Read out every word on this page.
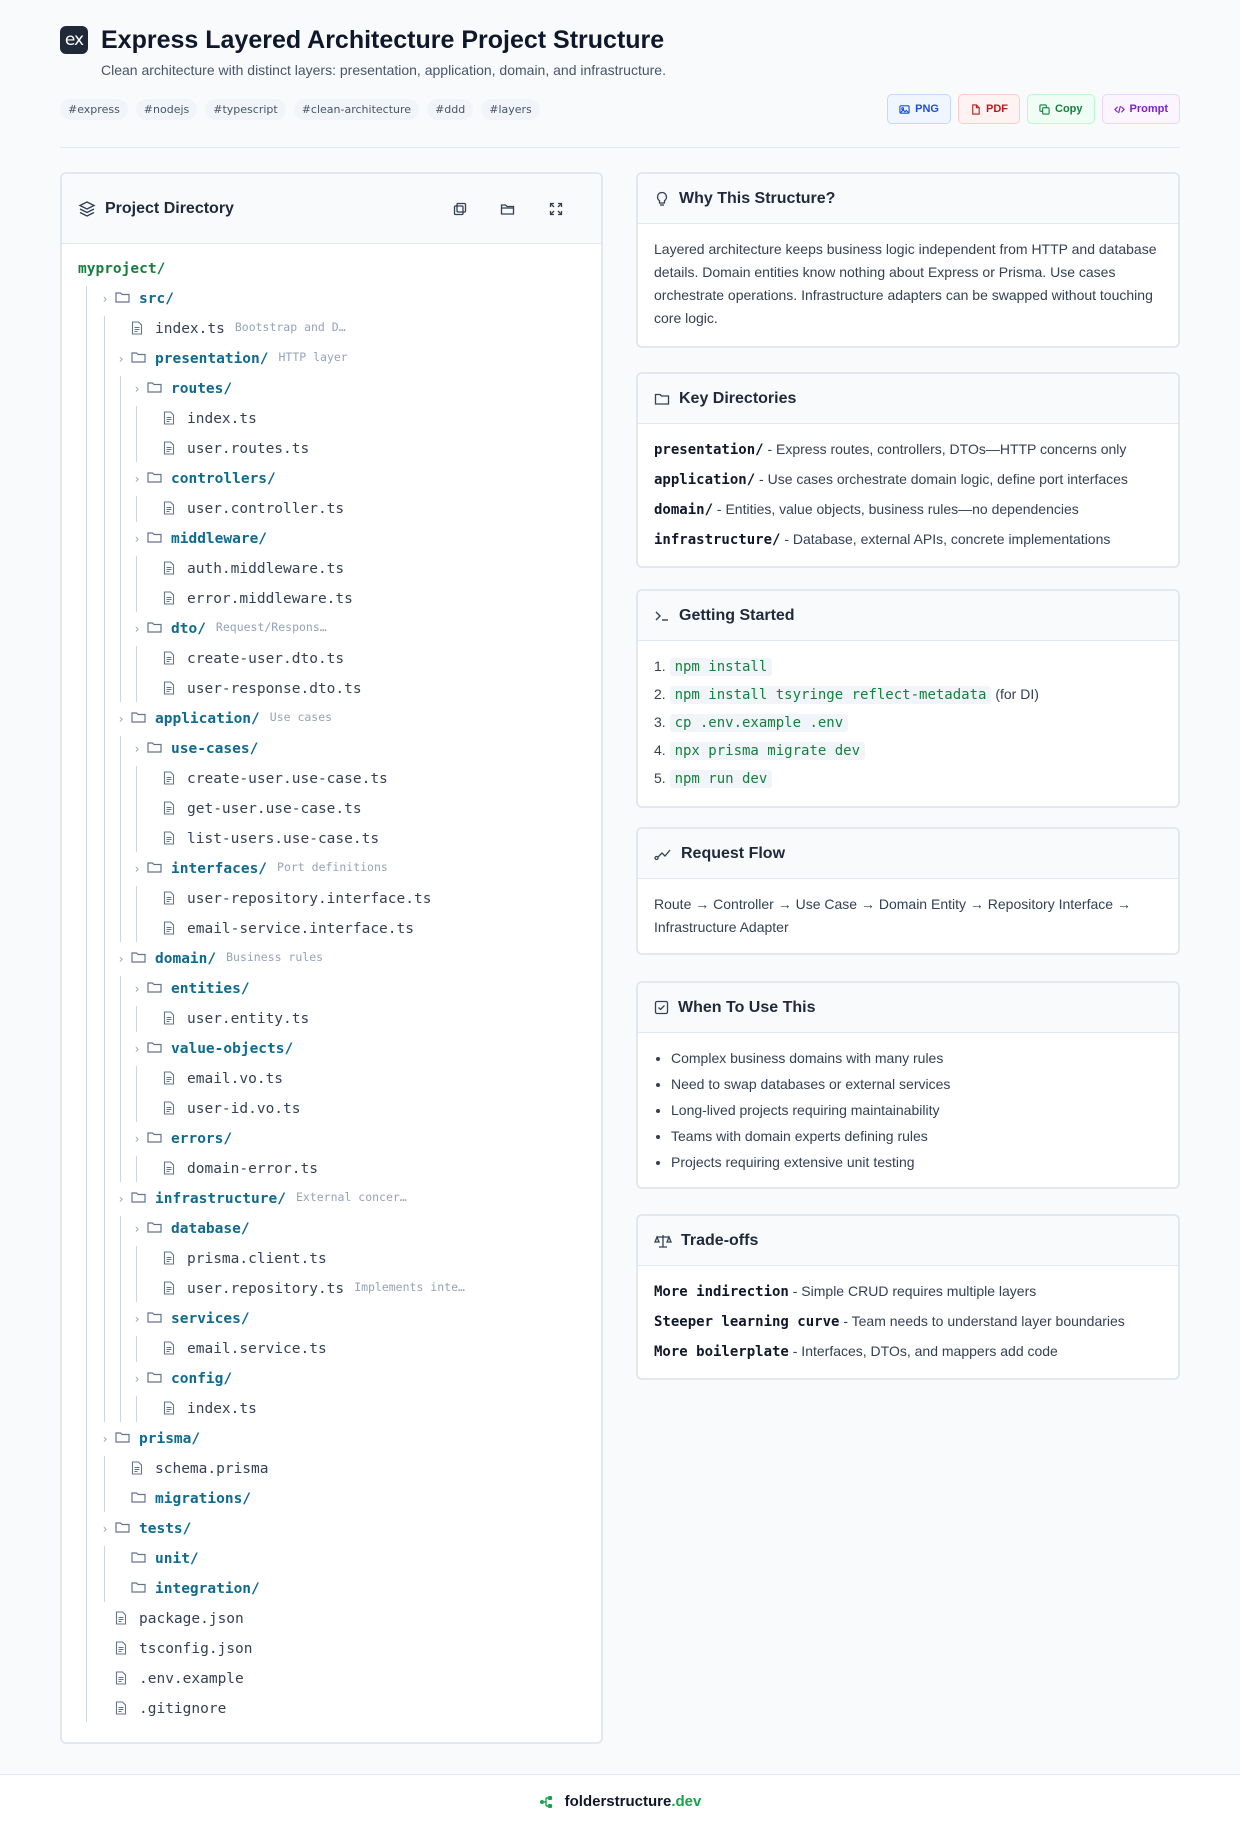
ex Express Layered Architecture Project Structure
Clean architecture with distinct layers: presentation, application, domain, and infrastructure.
#express	#nodejs	#typescript	#clean-architecture	#ddd	#layers	PNG	PDF	Copy	Prompt
Project Directory
myproject/
› src/
index.ts Bootstrap and D…
› presentation/ HTTP layer
› routes/
index.ts
user.routes.ts
› controllers/
user.controller.ts
› middleware/
auth.middleware.ts
error.middleware.ts
› dto/ Request/Respons…
create-user.dto.ts
user-response.dto.ts
› application/ Use cases
› use-cases/
create-user.use-case.ts
get-user.use-case.ts
list-users.use-case.ts
› interfaces/ Port definitions
user-repository.interface.ts
email-service.interface.ts
› domain/ Business rules
› entities/
user.entity.ts
› value-objects/
email.vo.ts
user-id.vo.ts
› errors/
domain-error.ts
› infrastructure/ External concer…
› database/
prisma.client.ts
user.repository.ts Implements inte…
› services/
email.service.ts
› config/
index.ts
› prisma/
schema.prisma
migrations/
› tests/
unit/
integration/
package.json
tsconfig.json
.env.example
.gitignore
Why This Structure?
Layered architecture keeps business logic independent from HTTP and database details. Domain entities know nothing about Express or Prisma. Use cases orchestrate operations. Infrastructure adapters can be swapped without touching core logic.
Key Directories
presentation/ - Express routes, controllers, DTOs—HTTP concerns only
application/ - Use cases orchestrate domain logic, define port interfaces
domain/ - Entities, value objects, business rules—no dependencies
infrastructure/ - Database, external APIs, concrete implementations
Getting Started
1. npm install
2. npm install tsyringe reflect-metadata (for DI)
3. cp .env.example .env
4. npx prisma migrate dev
5. npm run dev
Request Flow
Route → Controller → Use Case → Domain Entity → Repository Interface → Infrastructure Adapter
When To Use This
• Complex business domains with many rules
• Need to swap databases or external services
• Long-lived projects requiring maintainability
• Teams with domain experts defining rules
• Projects requiring extensive unit testing
Trade-offs
More indirection - Simple CRUD requires multiple layers
Steeper learning curve - Team needs to understand layer boundaries
More boilerplate - Interfaces, DTOs, and mappers add code
folderstructure .dev
